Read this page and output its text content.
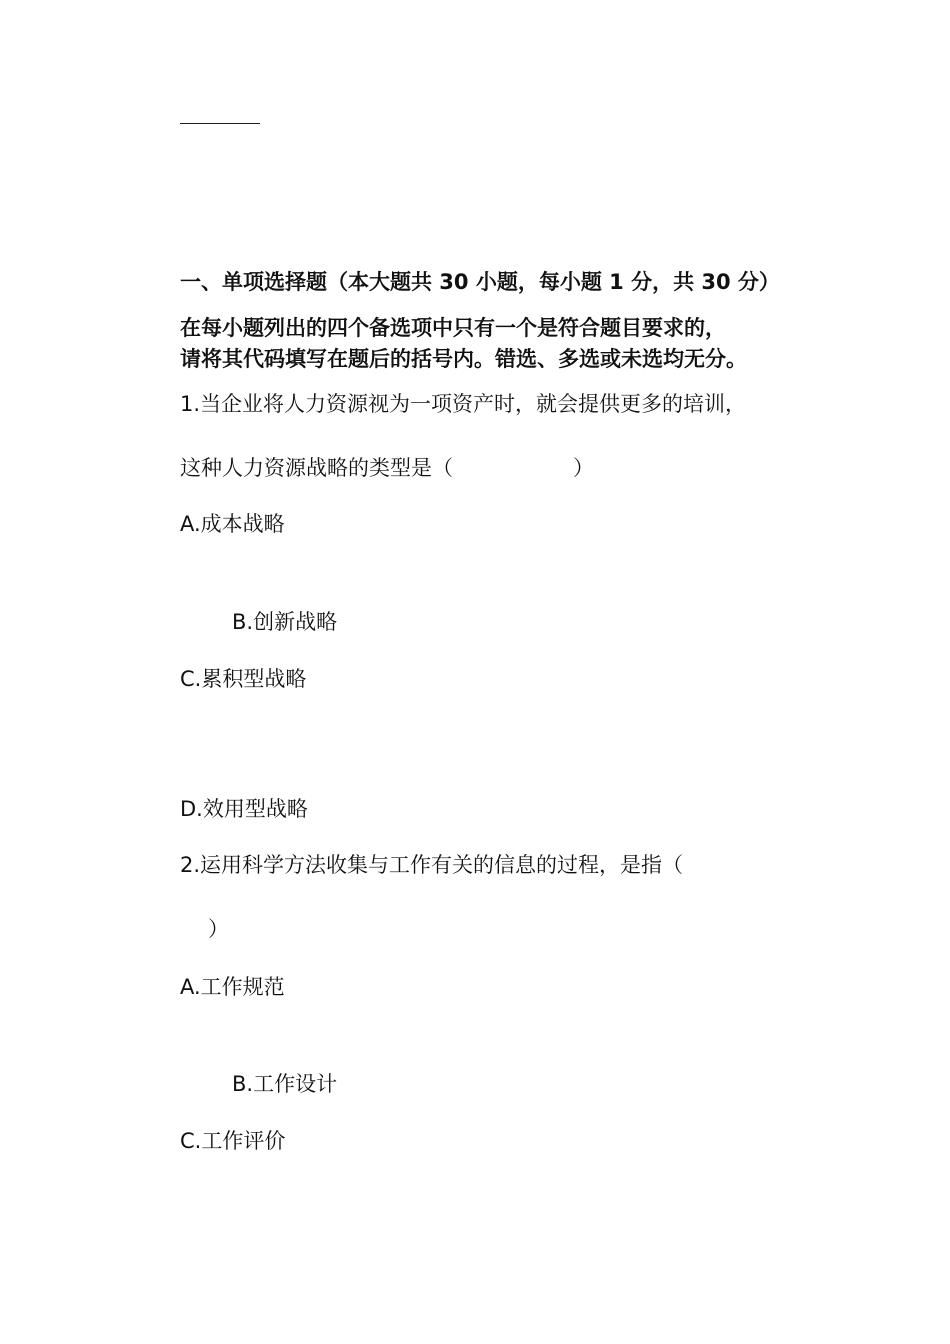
一、单项选择题（本大题共 30 小题，每小题 1 分，共 30 分）
在每小题列出的四个备选项中只有一个是符合题目要求的，
请将其代码填写在题后的括号内。错选、多选或未选均无分。
1.当企业将人力资源视为一项资产时，就会提供更多的培训，
这种人力资源战略的类型是（	）
A.成本战略
B.创新战略
C.累积型战略
D.效用型战略
2.运用科学方法收集与工作有关的信息的过程，是指（
）
A.工作规范
B.工作设计
C.工作评价
